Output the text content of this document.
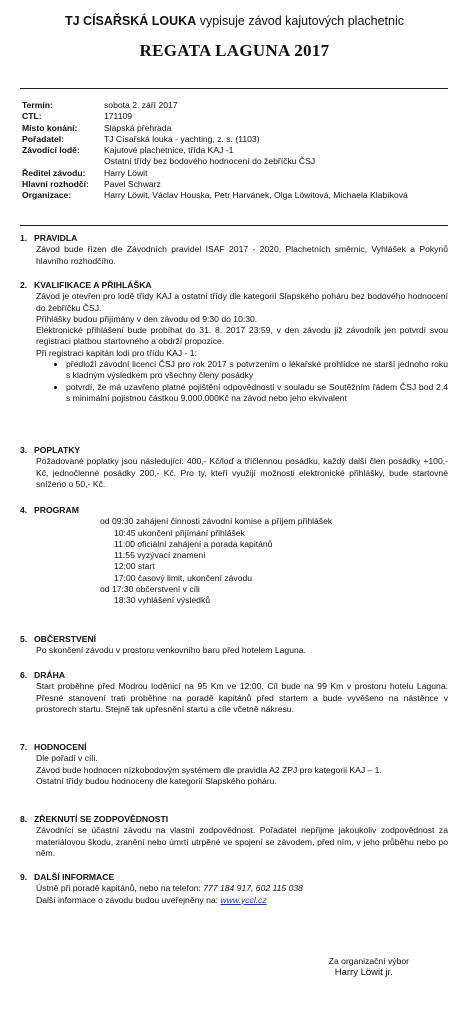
TJ CÍSAŘSKÁ LOUKA vypisuje závod kajutových plachetnic
REGATA LAGUNA 2017
Termín:	sobota 2. září 2017
CTL:	171109
Místo konání:	Slapská přehrada
Pořadatel:	TJ Císařská louka - yachting, z. s. (1103)
Závodící lodě:	Kajutové plachetnice, třída KAJ -1
Ostatní třídy bez bodového hodnocení do žebříčku ČSJ
Ředitel závodu:	Harry Löwit
Hlavní rozhodčí:	Pavel Schwarz
Organizace:	Harry Löwit, Václav Houska, Petr Harvánek, Olga Löwitová, Michaela Klabíková
1. PRAVIDLA
Závod bude řízen dle Závodních pravidel ISAF 2017 - 2020, Plachetních směrnic, Vyhlášek a Pokynů hlavního rozhodčího.
2. KVALIFIKACE A PŘIHLÁŠKA
Závod je otevřen pro lodě třídy KAJ a ostatní třídy dle kategorií Slapského poháru bez bodového hodnocení do žebříčku ČSJ.
Přihlášky budou přijímány v den závodu od 9:30 do 10:30.
Elektronické přihlášení bude probíhat do 31. 8. 2017 23:59, v den závodu již závodník jen potvrdí svou registraci platbou startovného a obdrží propozice.
Při registraci kapitán lodi pro třídu KAJ - 1:
• předloží závodní licenci ČSJ pro rok 2017 s potvrzením o lékařské prohlídce ne starší jednoho roku s kladným výsledkem pro všechny členy posádky
• potvrdí, že má uzavřeno platné pojištění odpovědnosti v souladu se Soutěžním řádem ČSJ bod 2.4 s minimální pojistnou částkou 9.000.000Kč na závod nebo jeho ekvivalent
3. POPLATKY
Požadované poplatky jsou následující: 400,- Kč/loď a tříčlennou posádku, každý další člen posádky +100,- Kč, jednočlenné posádky 200,- Kč. Pro ty, kteří využijí možnosti elektronické přihlášky, bude startovné sníženo o 50,- Kč.
4. PROGRAM
od 09:30 zahájení činnosti závodní komise a příjem přihlášek
10:45 ukončení přijímání přihlášek
11:00 oficiální zahájení a porada kapitánů
11:55 vyzývací znamení
12:00 start
17:00 časový limit, ukončení závodu
od 17:30 občerstvení v cíli
18:30 vyhlášení výsledků
5. OBČERSTVENÍ
Po skončení závodu v prostoru venkovního baru před hotelem Laguna.
6. DRÁHA
Start proběhne před Modrou loděnicí na 95 Km ve 12:00. Cíl bude na 99 Km v prostoru hotelu Laguna. Přesné stanovení trati proběhne na poradě kapitánů před startem a bude vyvěšeno na nástěnce v prostorech startu. Stejně tak upřesnění startu a cíle včetně nákresu.
7. HODNOCENÍ
Dle pořadí v cíli.
Závod bude hodnocen nízkobodovým systémem dle pravidla A2 ZPJ pro kategorii KAJ – 1.
Ostatní třídy budou hodnoceny dle kategorií Slapského poháru.
8. ZŘEKNUTÍ SE ZODPOVĚDNOSTI
Závodníci se účastní závodu na vlastní zodpovědnost. Pořadatel nepřijme jakoukoliv zodpovědnost za materiálovou škodu, zranění nebo úmrtí utrpěné ve spojení se závodem, před ním, v jeho průběhu nebo po něm.
9. DALŠÍ INFORMACE
Ústně při poradě kapitánů, nebo na telefon: 777 184 917, 602 115 038
Další informace o závodu budou uveřejněny na: www.yccl.cz
Za organizační výbor
Harry Löwit jr.
